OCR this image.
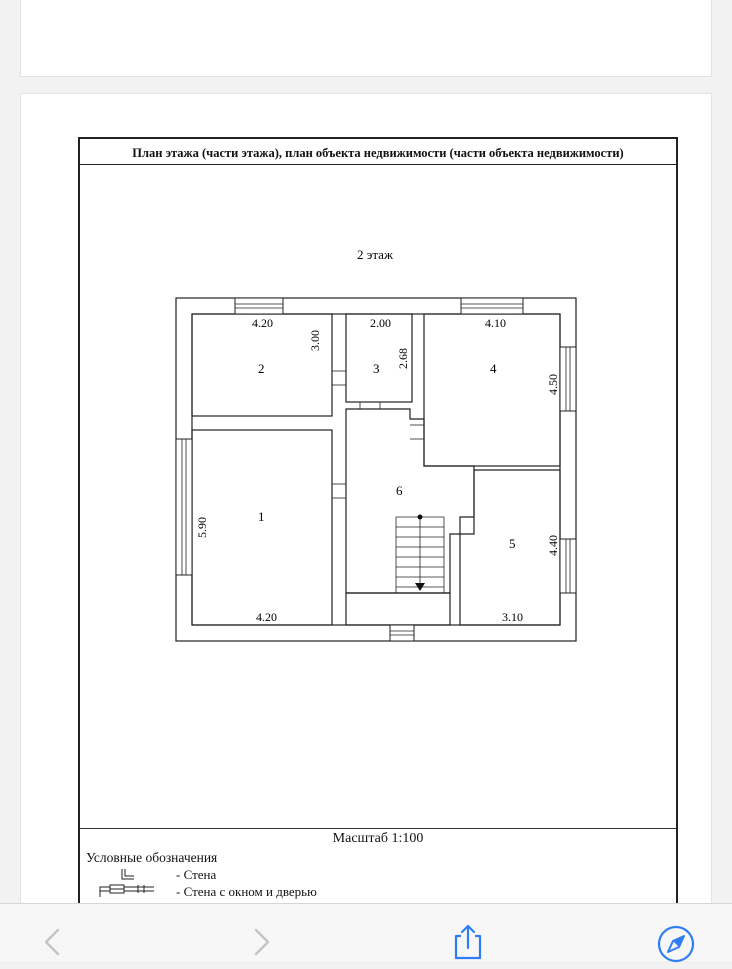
План этажа (части этажа), план объекта недвижимости (части объекта недвижимости)
2 этаж
2	3	4
1
6
5
4.20	2.00	4.10
4.20	3.10
3.00
2.68
4.50
5.90
4.40
Масштаб 1:100
Условные обозначения
- Стена
- Стена с окном и дверью
